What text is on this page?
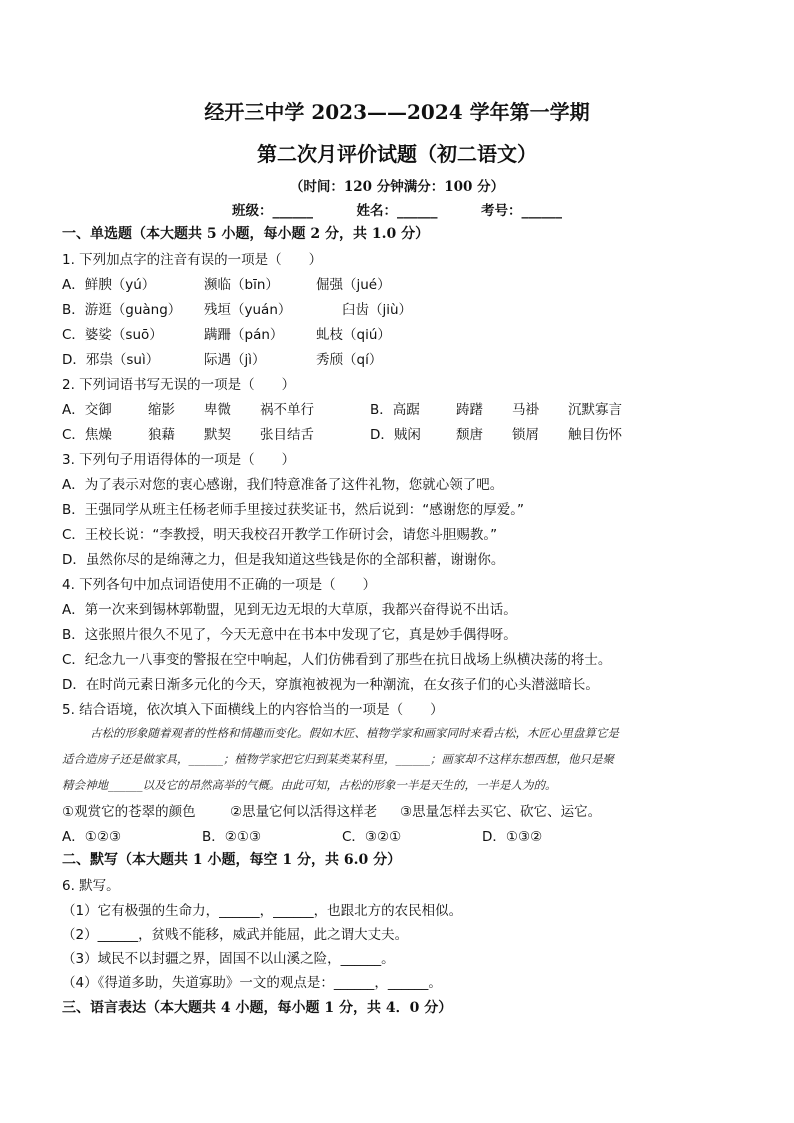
经开三中学 2023——2024 学年第一学期
第二次月评价试题（初二语文）
（时间：120 分钟满分：100 分）
班级：______	姓名：______	考号：______
一、单选题（本大题共 5 小题，每小题 2 分，共 1.0 分）
1. 下列加点字的注音有误的一项是（　　）
A．鲜腴（yú）	濒临（bīn）	倔强（jué）
B．游逛（guàng） 残垣（yuán）	臼齿（jiù）
C．婆娑（suō）	蹒跚（pán） 虬枝（qiú）
D．邪祟（suì）	际遇（jì）	秀颀（qí）
2. 下列词语书写无误的一项是（　　）
A．交御	缩影 卑微 祸不单行	B．高踞	踌躇 马褂 沉默寡言
C．焦燥	狼藉 默契 张目结舌	D．贼闲	颓唐 锁屑 触目伤怀
3. 下列句子用语得体的一项是（　　）
A．为了表示对您的衷心感谢，我们特意准备了这件礼物，您就心领了吧。
B．王强同学从班主任杨老师手里接过获奖证书，然后说到：“感谢您的厚爱。”
C．王校长说：“李教授，明天我校召开教学工作研讨会，请您斗胆赐教。”
D．虽然你尽的是绵薄之力，但是我知道这些钱是你的全部积蓄，谢谢你。
4. 下列各句中加点词语使用不正确的一项是（　　）
A．第一次来到锡林郭勒盟，见到无边无垠的大草原，我都兴奋得说不出话。
B．这张照片很久不见了，今天无意中在书本中发现了它，真是妙手偶得呀。
C．纪念九一八事变的警报在空中响起，人们仿佛看到了那些在抗日战场上纵横决荡的将士。
D．在时尚元素日渐多元化的今天，穿旗袍被视为一种潮流，在女孩子们的心头潜滋暗长。
5. 结合语境，依次填入下面横线上的内容恰当的一项是（　　）
古松的形象随着观者的性格和情趣而变化。假如木匠、植物学家和画家同时来看古松，木匠心里盘算它是
适合造房子还是做家具，______；植物学家把它归到某类某科里，______；画家却不这样东想西想，他只是聚
精会神地______以及它的昂然高举的气概。由此可知，古松的形象一半是天生的，一半是人为的。
①观赏它的苍翠的颜色	②思量它何以活得这样老 ③思量怎样去买它、砍它、运它。
A．①②③	B．②①③	C．③②①	D．①③②
二、默写（本大题共 1 小题，每空 1 分，共 6.0 分）
6. 默写。
（1）它有极强的生命力，______，______，也跟北方的农民相似。
（2）______，贫贱不能移，威武并能屈，此之谓大丈夫。
（3）域民不以封疆之界，固国不以山溪之险，______。
（4）《得道多助，失道寡助》一文的观点是：______，______。
三、语言表达（本大题共 4 小题，每小题 1 分，共 4．0 分）
